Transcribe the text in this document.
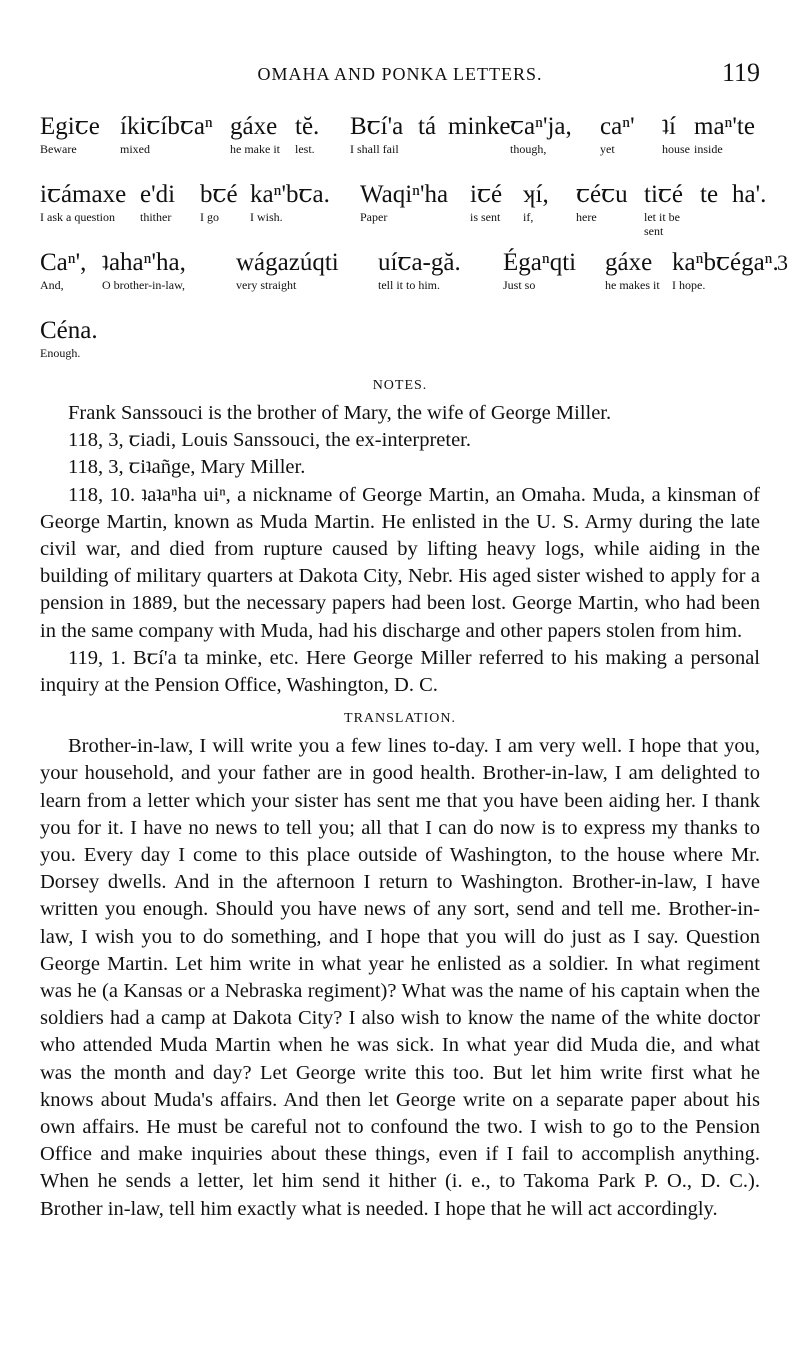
OMAHA AND PONKA LETTERS.	119
Egiꞇe
Beware
íkiꞇíbꞇaⁿ
mixed
gáxe
he make it
tĕ.
lest.
Bꞇí'a
I shall fail
tá minke ꞇaⁿ'ja,
though,
caⁿ'
yet
ʇí
house
maⁿ'te
inside
iꞇámaxe
I ask a question
e'di
thither
bꞇé
I go
kaⁿ'bꞇa.
I wish.
Waqiⁿ'ha
Paper
iꞇé
is sent
ʞí,
if,
ꞇéꞇu
here
tiꞇé
let it be sent
te ha'.
Caⁿ',
And,
ʇahaⁿ'ha,
O brother-in-law,
wágazúqti
very straight
uíꞇa-gă.
tell it to him.
Égaⁿqti
Just so
gáxe
he makes it
kaⁿbꞇégaⁿ.
I hope.
3
Céna.
Enough.
NOTES.

Frank Sanssouci is the brother of Mary, the wife of George Miller.

118, 3, ꞇiadi, Louis Sanssouci, the ex-interpreter.

118, 3, ꞇiʇañge, Mary Miller.

118, 10. ʇaʇaⁿha uiⁿ, a nickname of George Martin, an Omaha. Muda, a kinsman of George Martin, known as Muda Martin. He enlisted in the U. S. Army during the late civil war, and died from rupture caused by lifting heavy logs, while aiding in the building of military quarters at Dakota City, Nebr. His aged sister wished to apply for a pension in 1889, but the necessary papers had been lost. George Martin, who had been in the same company with Muda, had his discharge and other papers stolen from him.

119, 1. Bꞇí'a ta minke, etc. Here George Miller referred to his making a personal inquiry at the Pension Office, Washington, D. C.

TRANSLATION.

Brother-in-law, I will write you a few lines to-day. I am very well. I hope that you, your household, and your father are in good health. Brother-in-law, I am delighted to learn from a letter which your sister has sent me that you have been aiding her. I thank you for it. I have no news to tell you; all that I can do now is to express my thanks to you. Every day I come to this place outside of Washington, to the house where Mr. Dorsey dwells. And in the afternoon I return to Washington. Brother-in-law, I have written you enough. Should you have news of any sort, send and tell me. Brother-in-law, I wish you to do something, and I hope that you will do just as I say. Question George Martin. Let him write in what year he enlisted as a soldier. In what regiment was he (a Kansas or a Nebraska regiment)? What was the name of his captain when the soldiers had a camp at Dakota City? I also wish to know the name of the white doctor who attended Muda Martin when he was sick. In what year did Muda die, and what was the month and day? Let George write this too. But let him write first what he knows about Muda's affairs. And then let George write on a separate paper about his own affairs. He must be careful not to confound the two. I wish to go to the Pension Office and make inquiries about these things, even if I fail to accomplish anything. When he sends a letter, let him send it hither (i. e., to Takoma Park P. O., D. C.). Brother in-law, tell him exactly what is needed. I hope that he will act accordingly.
